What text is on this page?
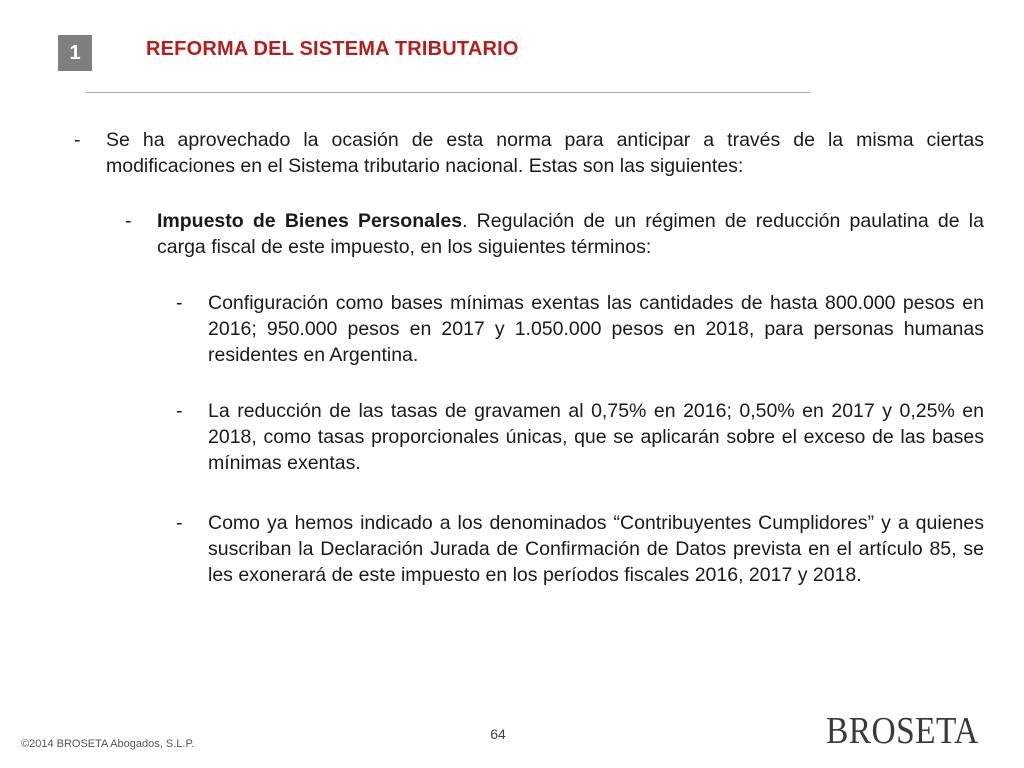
1	REFORMA DEL SISTEMA TRIBUTARIO
- Se ha aprovechado la ocasión de esta norma para anticipar a través de la misma ciertas modificaciones en el Sistema tributario nacional. Estas son las siguientes:

- Impuesto de Bienes Personales. Regulación de un régimen de reducción paulatina de la carga fiscal de este impuesto, en los siguientes términos:

- Configuración como bases mínimas exentas las cantidades de hasta 800.000 pesos en 2016; 950.000 pesos en 2017 y 1.050.000 pesos en 2018, para personas humanas residentes en Argentina.

- La reducción de las tasas de gravamen al 0,75% en 2016; 0,50% en 2017 y 0,25% en 2018, como tasas proporcionales únicas, que se aplicarán sobre el exceso de las bases mínimas exentas.

- Como ya hemos indicado a los denominados “Contribuyentes Cumplidores” y a quienes suscriban la Declaración Jurada de Confirmación de Datos prevista en el artículo 85, se les exonerará de este impuesto en los períodos fiscales 2016, 2017 y 2018.

64
©2014 BROSETA Abogados, S.L.P.	BROSETA
